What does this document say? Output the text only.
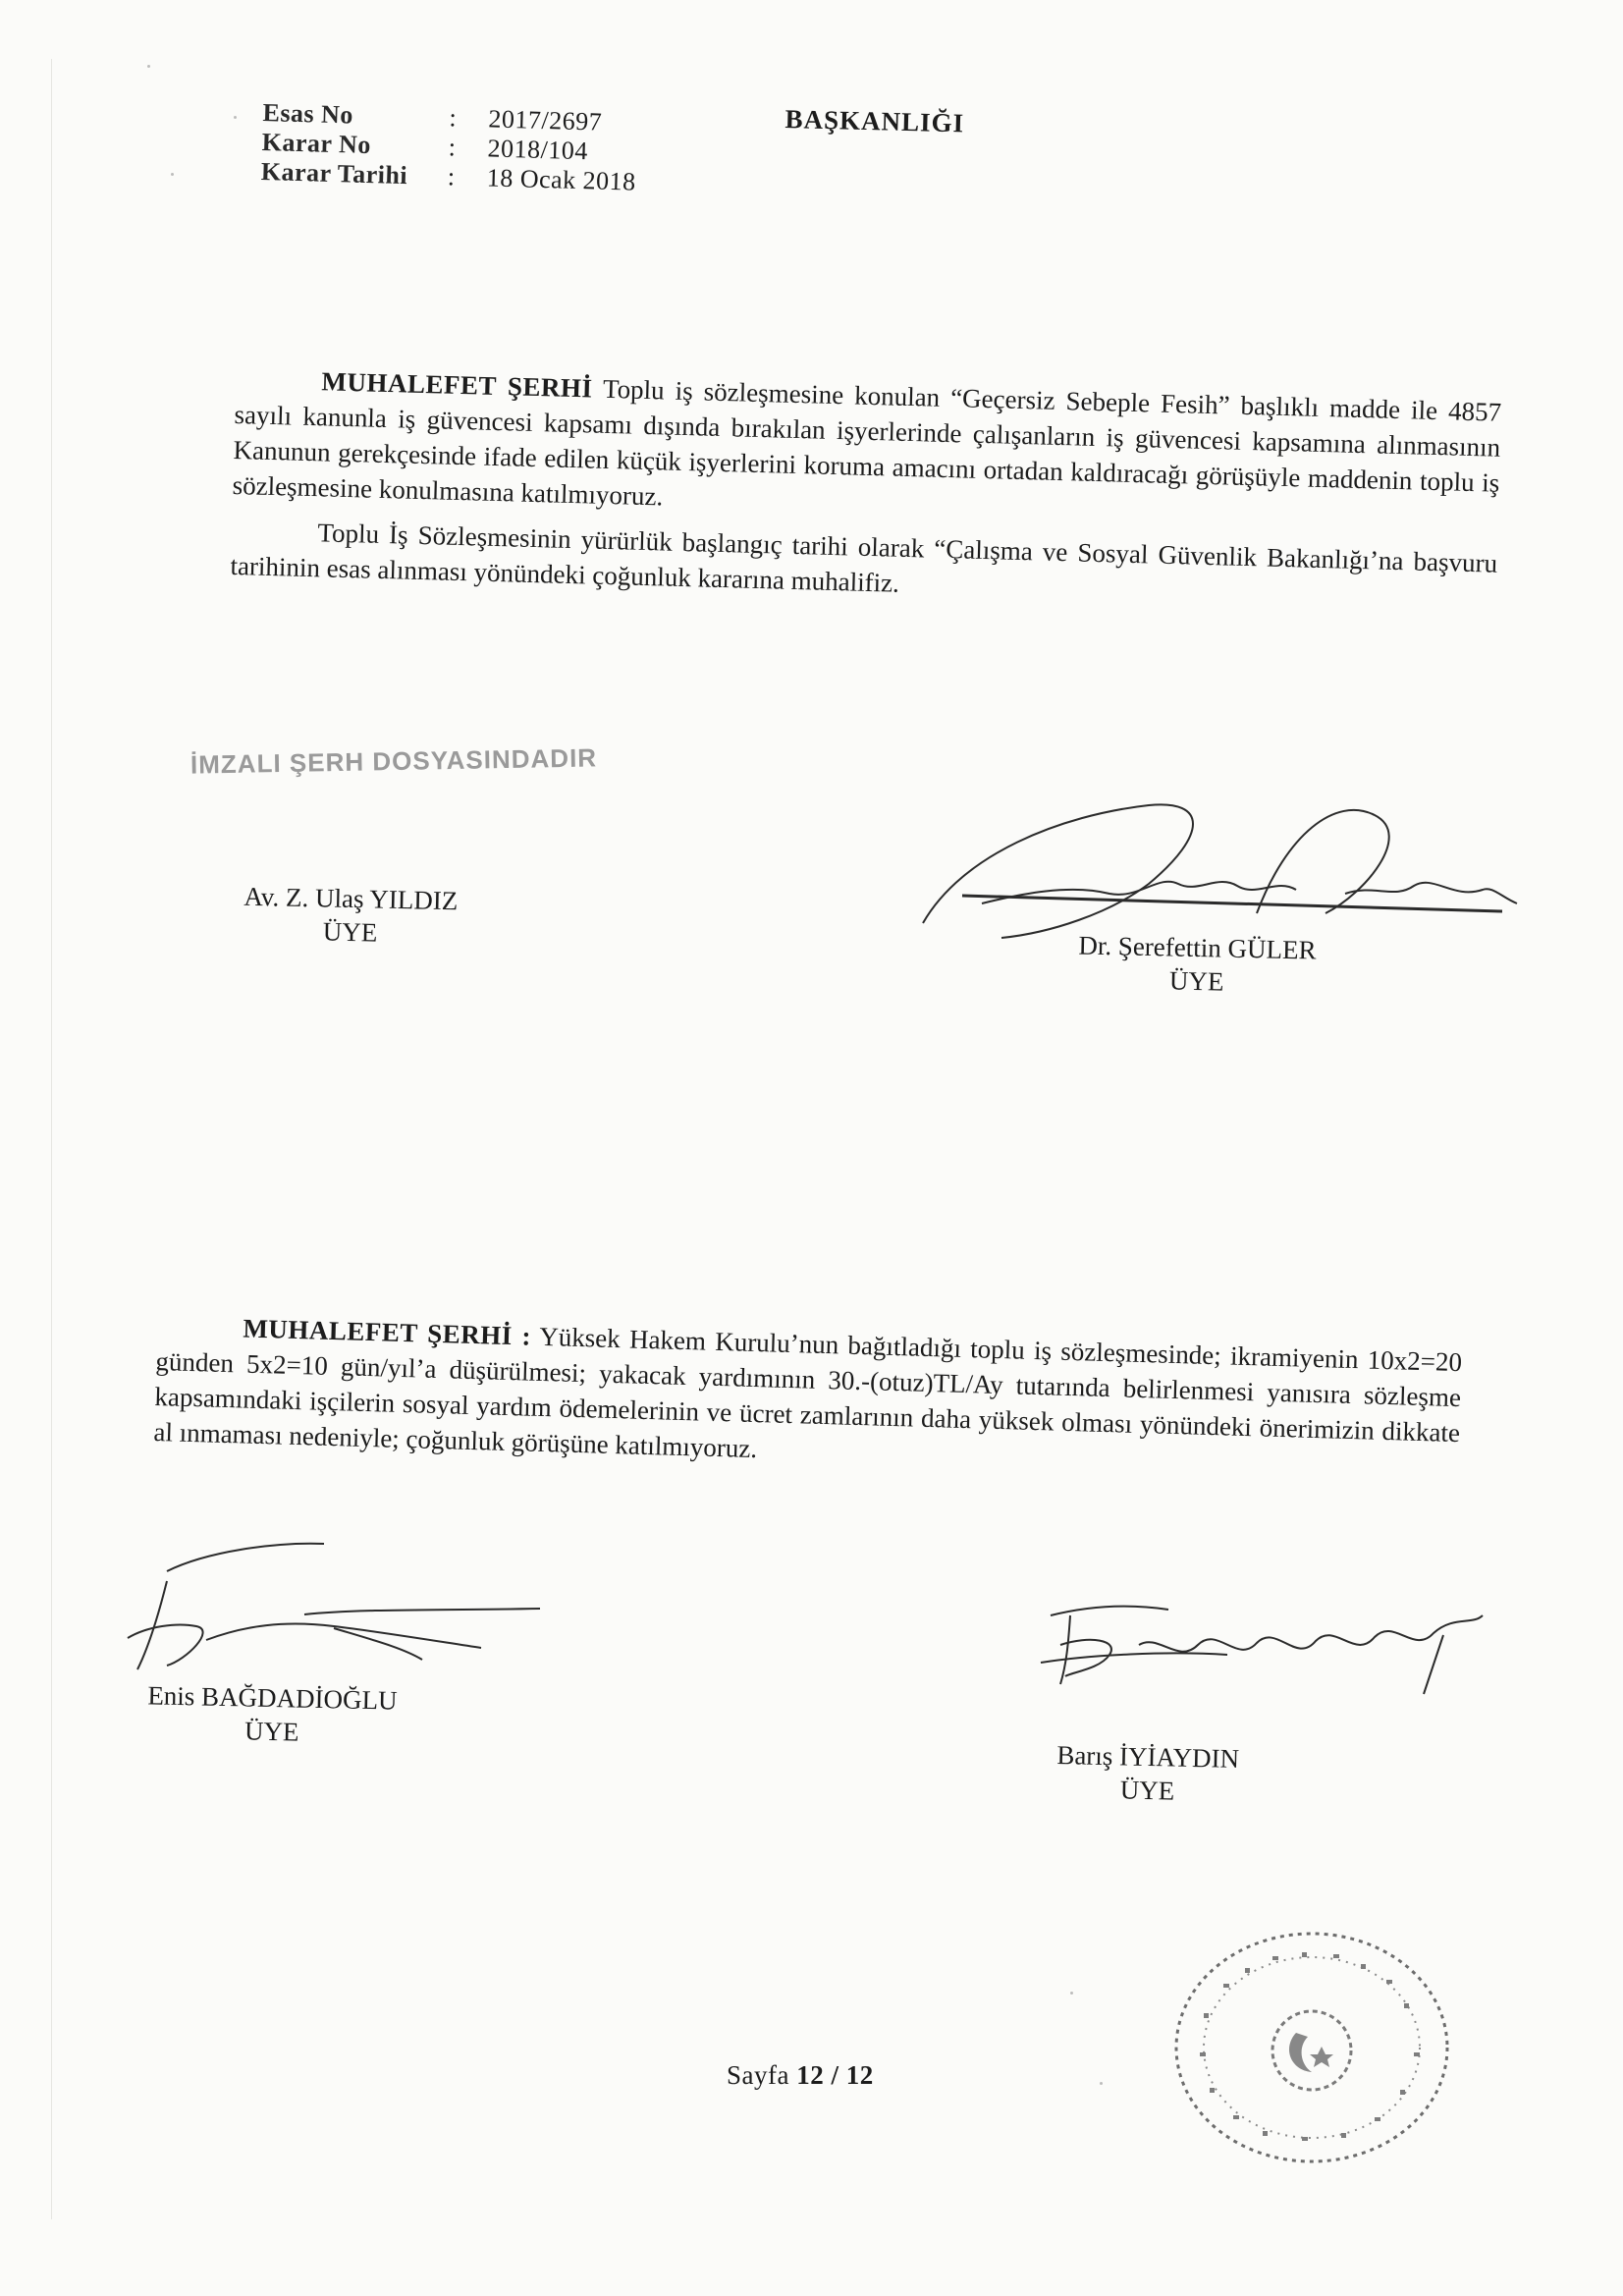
Esas No	:	2017/2697
Karar No	:	2018/104
Karar Tarihi	:	18 Ocak 2018
BAŞKANLIĞI

MUHALEFET ŞERHİ Toplu iş sözleşmesine konulan “Geçersiz Sebeple Fesih” başlıklı madde ile 4857 sayılı kanunla iş güvencesi kapsamı dışında bırakılan işyerlerinde çalışanların iş güvencesi kapsamına alınmasının Kanunun gerekçesinde ifade edilen küçük işyerlerini koruma amacını ortadan kaldıracağı görüşüyle maddenin toplu iş sözleşmesine konulmasına katılmıyoruz.

Toplu İş Sözleşmesinin yürürlük başlangıç tarihi olarak “Çalışma ve Sosyal Güvenlik Bakanlığı’na başvuru tarihinin esas alınması yönündeki çoğunluk kararına muhalifiz.

İMZALI ŞERH DOSYASINDADIR
Av. Z. Ulaş YILDIZ
ÜYE	Dr. Şerefettin GÜLER
ÜYE

MUHALEFET ŞERHİ : Yüksek Hakem Kurulu’nun bağıtladığı toplu iş sözleşmesinde; ikramiyenin 10x2=20 günden 5x2=10 gün/yıl’a düşürülmesi; yakacak yardımının 30.-(otuz)TL/Ay tutarında belirlenmesi yanısıra sözleşme kapsamındaki işçilerin sosyal yardım ödemelerinin ve ücret zamlarının daha yüksek olması yönündeki önerimizin dikkate al ınmaması nedeniyle; çoğunluk görüşüne katılmıyoruz.

Enis BAĞDADİOĞLU
ÜYE
Barış İYİAYDIN
ÜYE
Sayfa 12 / 12
